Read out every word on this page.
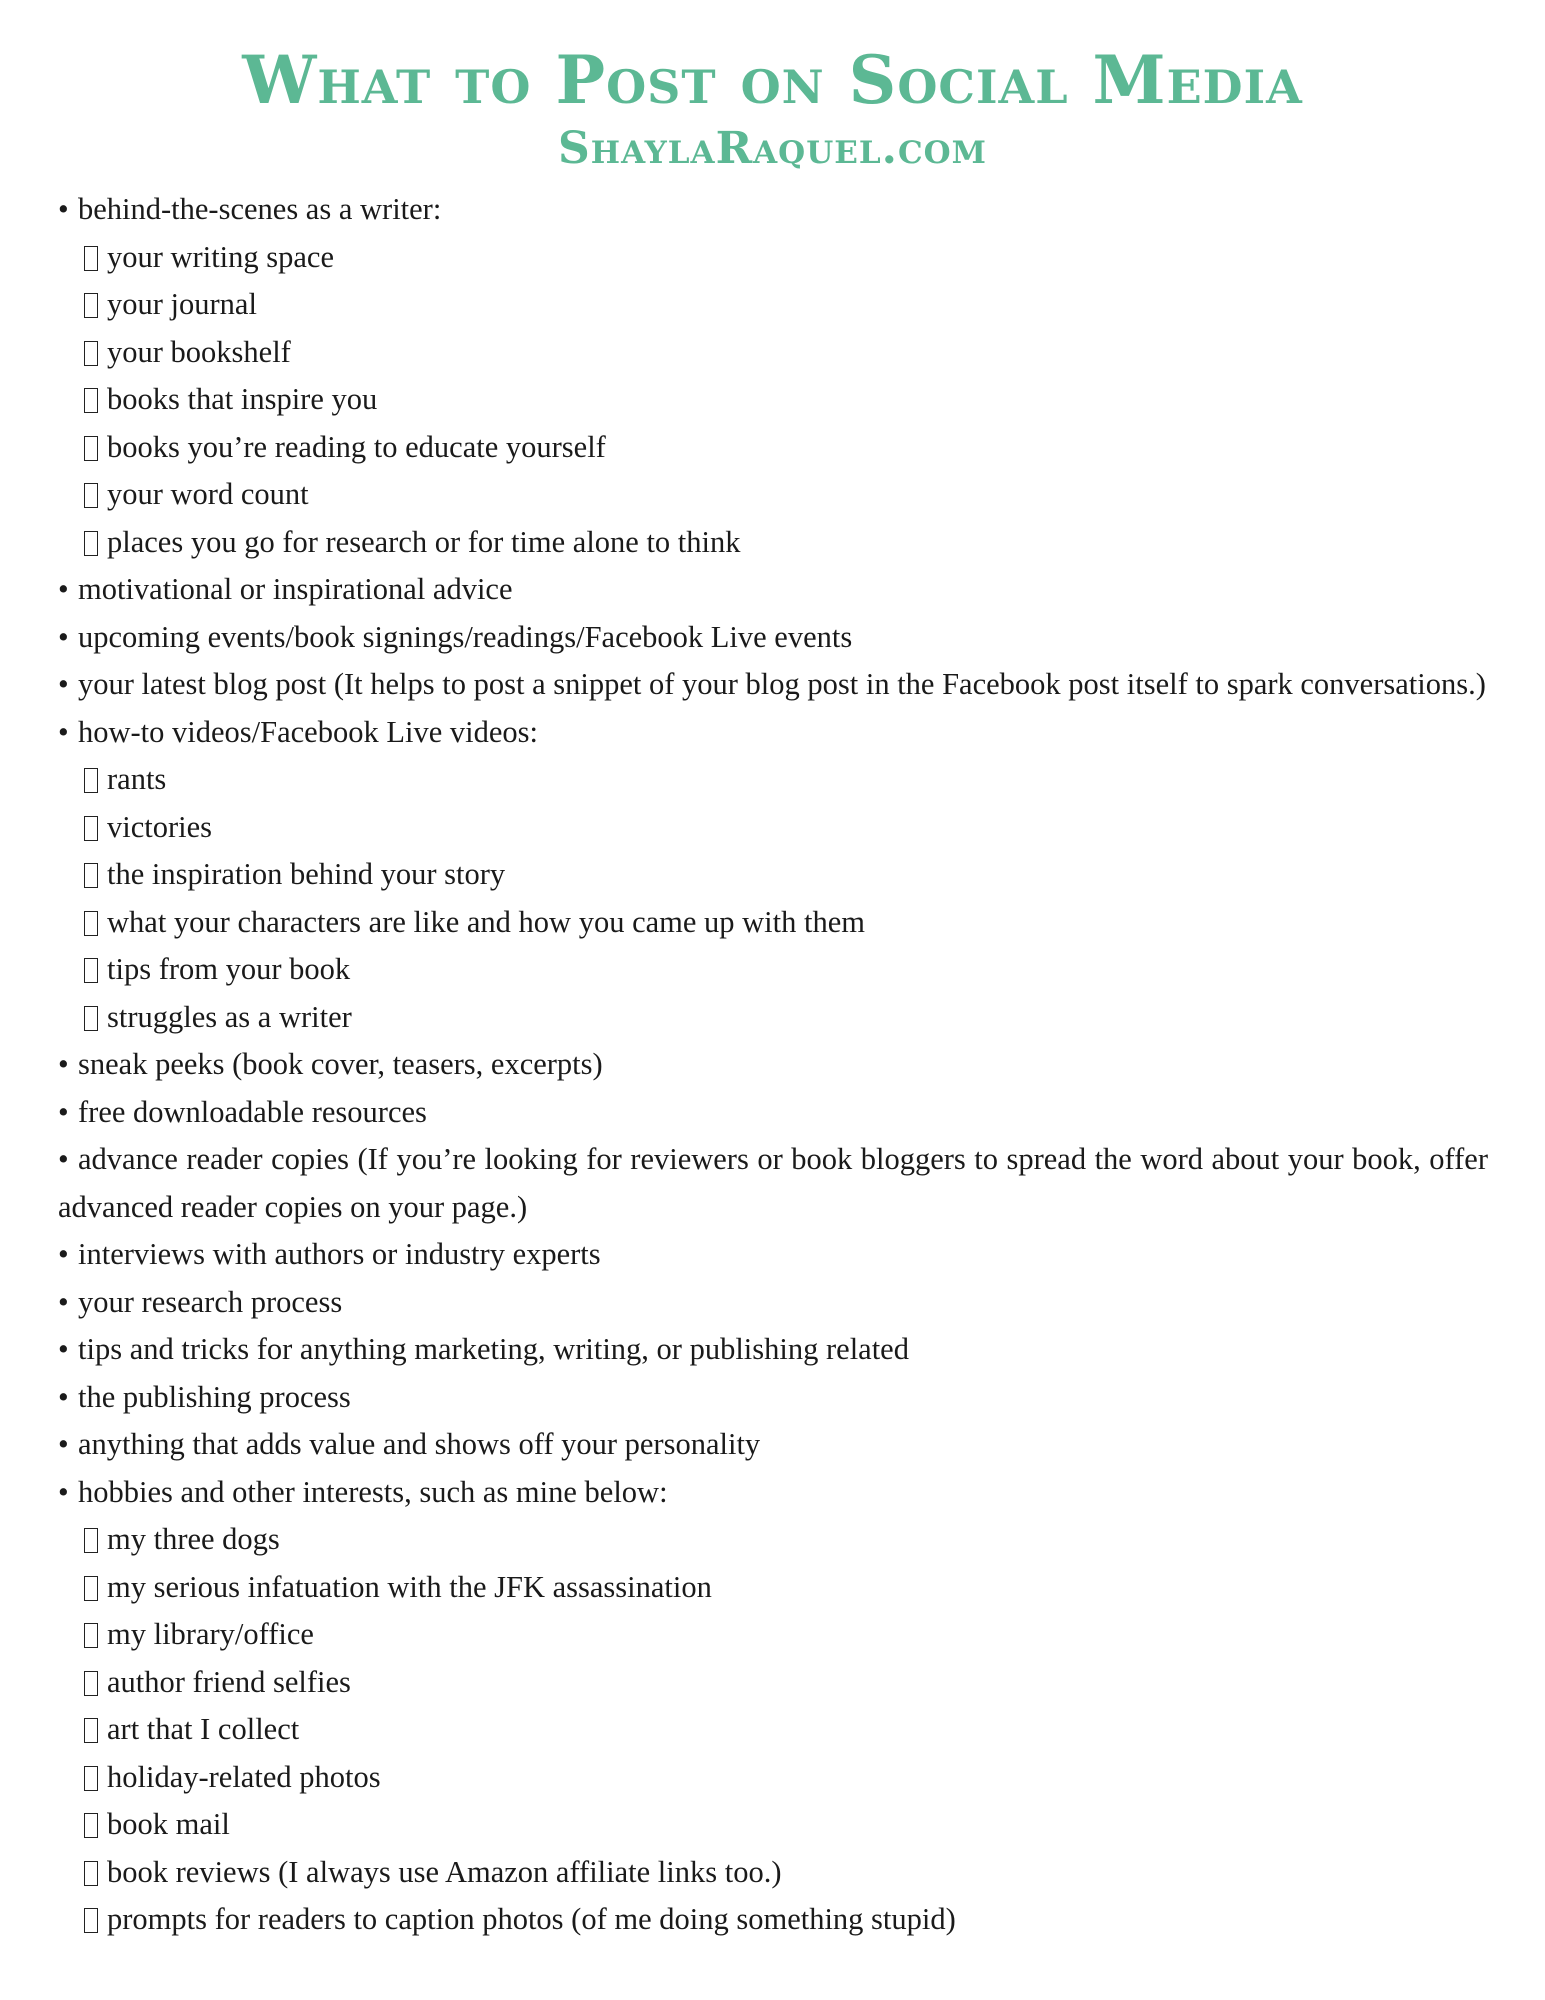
What to Post on Social Media
ShaylaRaquel.com
• behind-the-scenes as a writer:
your writing space
your journal
your bookshelf
books that inspire you
books you’re reading to educate yourself
your word count
places you go for research or for time alone to think
• motivational or inspirational advice
• upcoming events/book signings/readings/Facebook Live events
• your latest blog post (It helps to post a snippet of your blog post in the Facebook post itself to spark conversations.)
• how-to videos/Facebook Live videos:
rants
victories
the inspiration behind your story
what your characters are like and how you came up with them
tips from your book
struggles as a writer
• sneak peeks (book cover, teasers, excerpts)
• free downloadable resources
• advance reader copies (If you’re looking for reviewers or book bloggers to spread the word about your book, offer advanced reader copies on your page.)
• interviews with authors or industry experts
• your research process
• tips and tricks for anything marketing, writing, or publishing related
• the publishing process
• anything that adds value and shows off your personality
• hobbies and other interests, such as mine below:
my three dogs
my serious infatuation with the JFK assassination
my library/office
author friend selfies
art that I collect
holiday-related photos
book mail
book reviews (I always use Amazon affiliate links too.)
prompts for readers to caption photos (of me doing something stupid)
